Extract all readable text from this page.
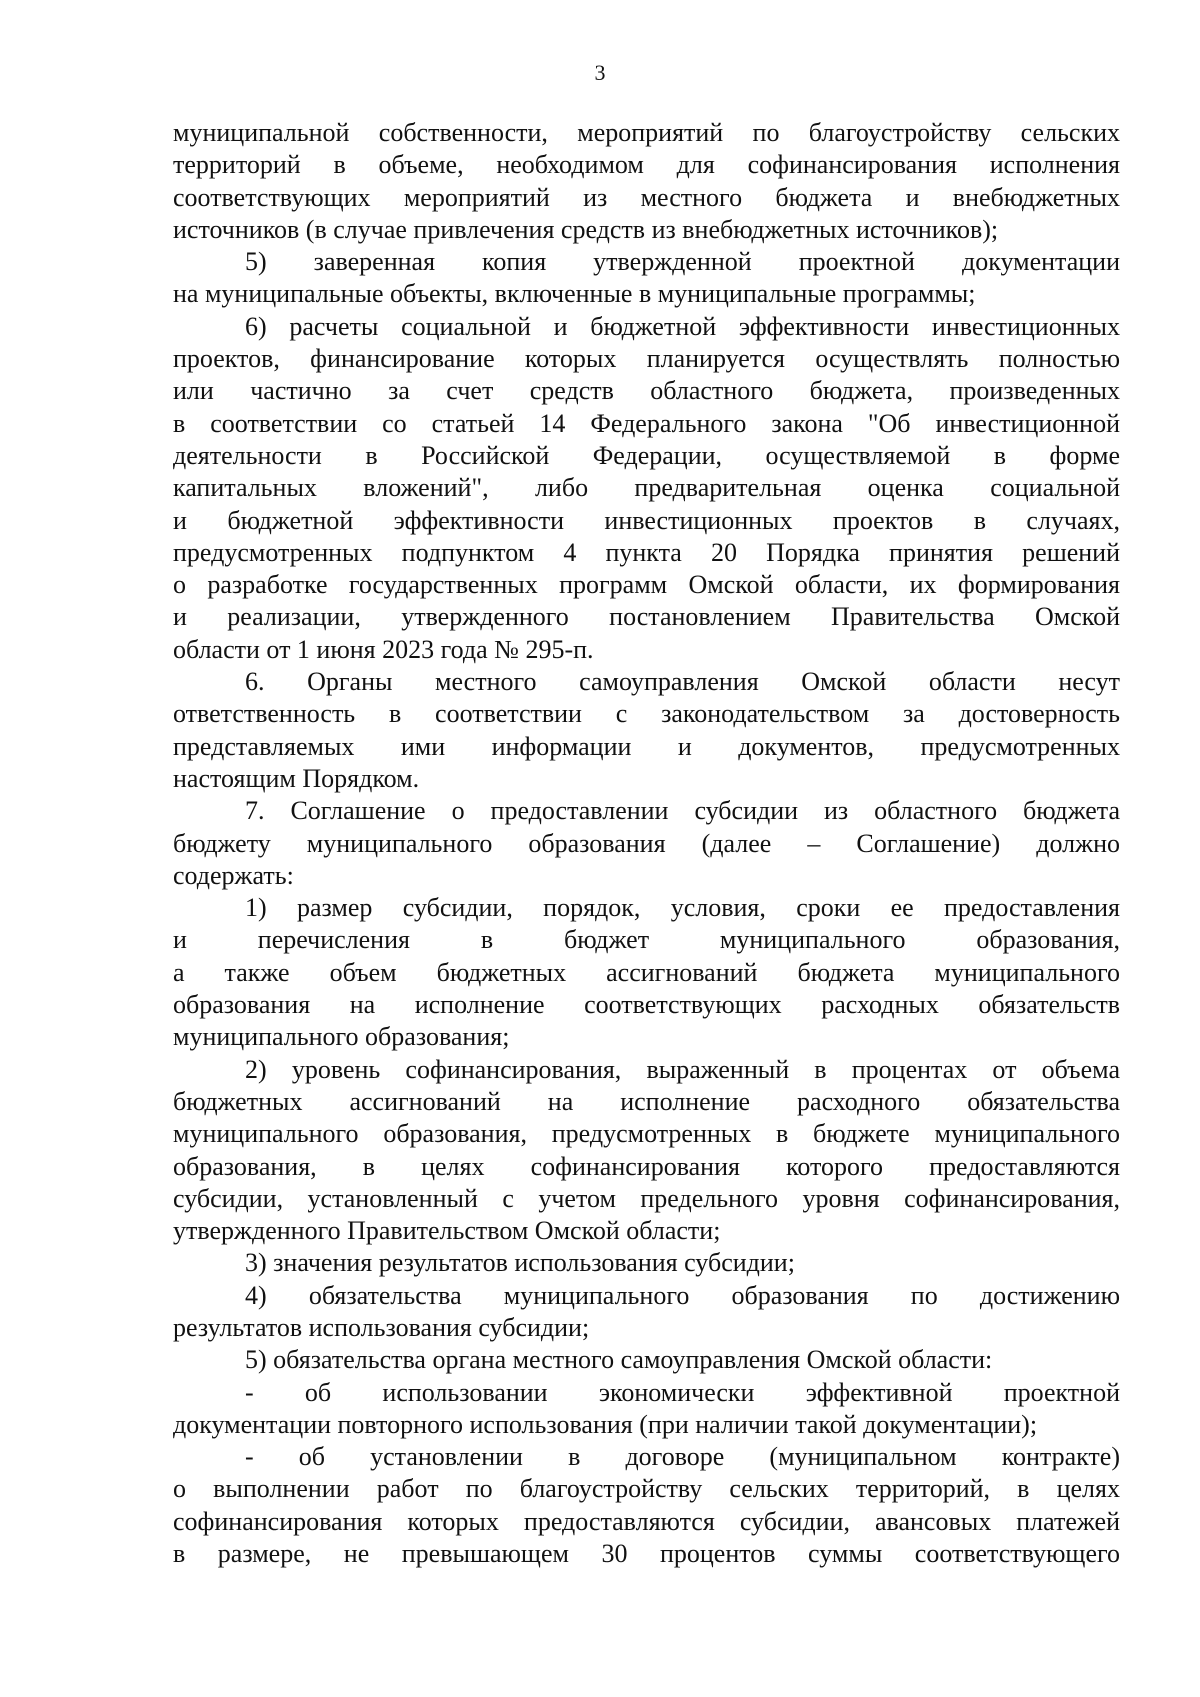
3
муниципальной собственности, мероприятий по благоустройству сельских
территорий в объеме, необходимом для софинансирования исполнения
соответствующих мероприятий из местного бюджета и внебюджетных
источников (в случае привлечения средств из внебюджетных источников);
5) заверенная копия утвержденной проектной документации
на муниципальные объекты, включенные в муниципальные программы;
6) расчеты социальной и бюджетной эффективности инвестиционных
проектов, финансирование которых планируется осуществлять полностью
или частично за счет средств областного бюджета, произведенных
в соответствии со статьей 14 Федерального закона "Об инвестиционной
деятельности в Российской Федерации, осуществляемой в форме
капитальных вложений", либо предварительная оценка социальной
и бюджетной эффективности инвестиционных проектов в случаях,
предусмотренных подпунктом 4 пункта 20 Порядка принятия решений
о разработке государственных программ Омской области, их формирования
и реализации, утвержденного постановлением Правительства Омской
области от 1 июня 2023 года № 295-п.
6. Органы местного самоуправления Омской области несут
ответственность в соответствии с законодательством за достоверность
представляемых ими информации и документов, предусмотренных
настоящим Порядком.
7. Соглашение о предоставлении субсидии из областного бюджета
бюджету муниципального образования (далее – Соглашение) должно
содержать:
1) размер субсидии, порядок, условия, сроки ее предоставления
и перечисления в бюджет муниципального образования,
а также объем бюджетных ассигнований бюджета муниципального
образования на исполнение соответствующих расходных обязательств
муниципального образования;
2) уровень софинансирования, выраженный в процентах от объема
бюджетных ассигнований на исполнение расходного обязательства
муниципального образования, предусмотренных в бюджете муниципального
образования, в целях софинансирования которого предоставляются
субсидии, установленный с учетом предельного уровня софинансирования,
утвержденного Правительством Омской области;
3) значения результатов использования субсидии;
4) обязательства муниципального образования по достижению
результатов использования субсидии;
5) обязательства органа местного самоуправления Омской области:
- об использовании экономически эффективной проектной
документации повторного использования (при наличии такой документации);
- об установлении в договоре (муниципальном контракте)
о выполнении работ по благоустройству сельских территорий, в целях
софинансирования которых предоставляются субсидии, авансовых платежей
в размере, не превышающем 30 процентов суммы соответствующего
